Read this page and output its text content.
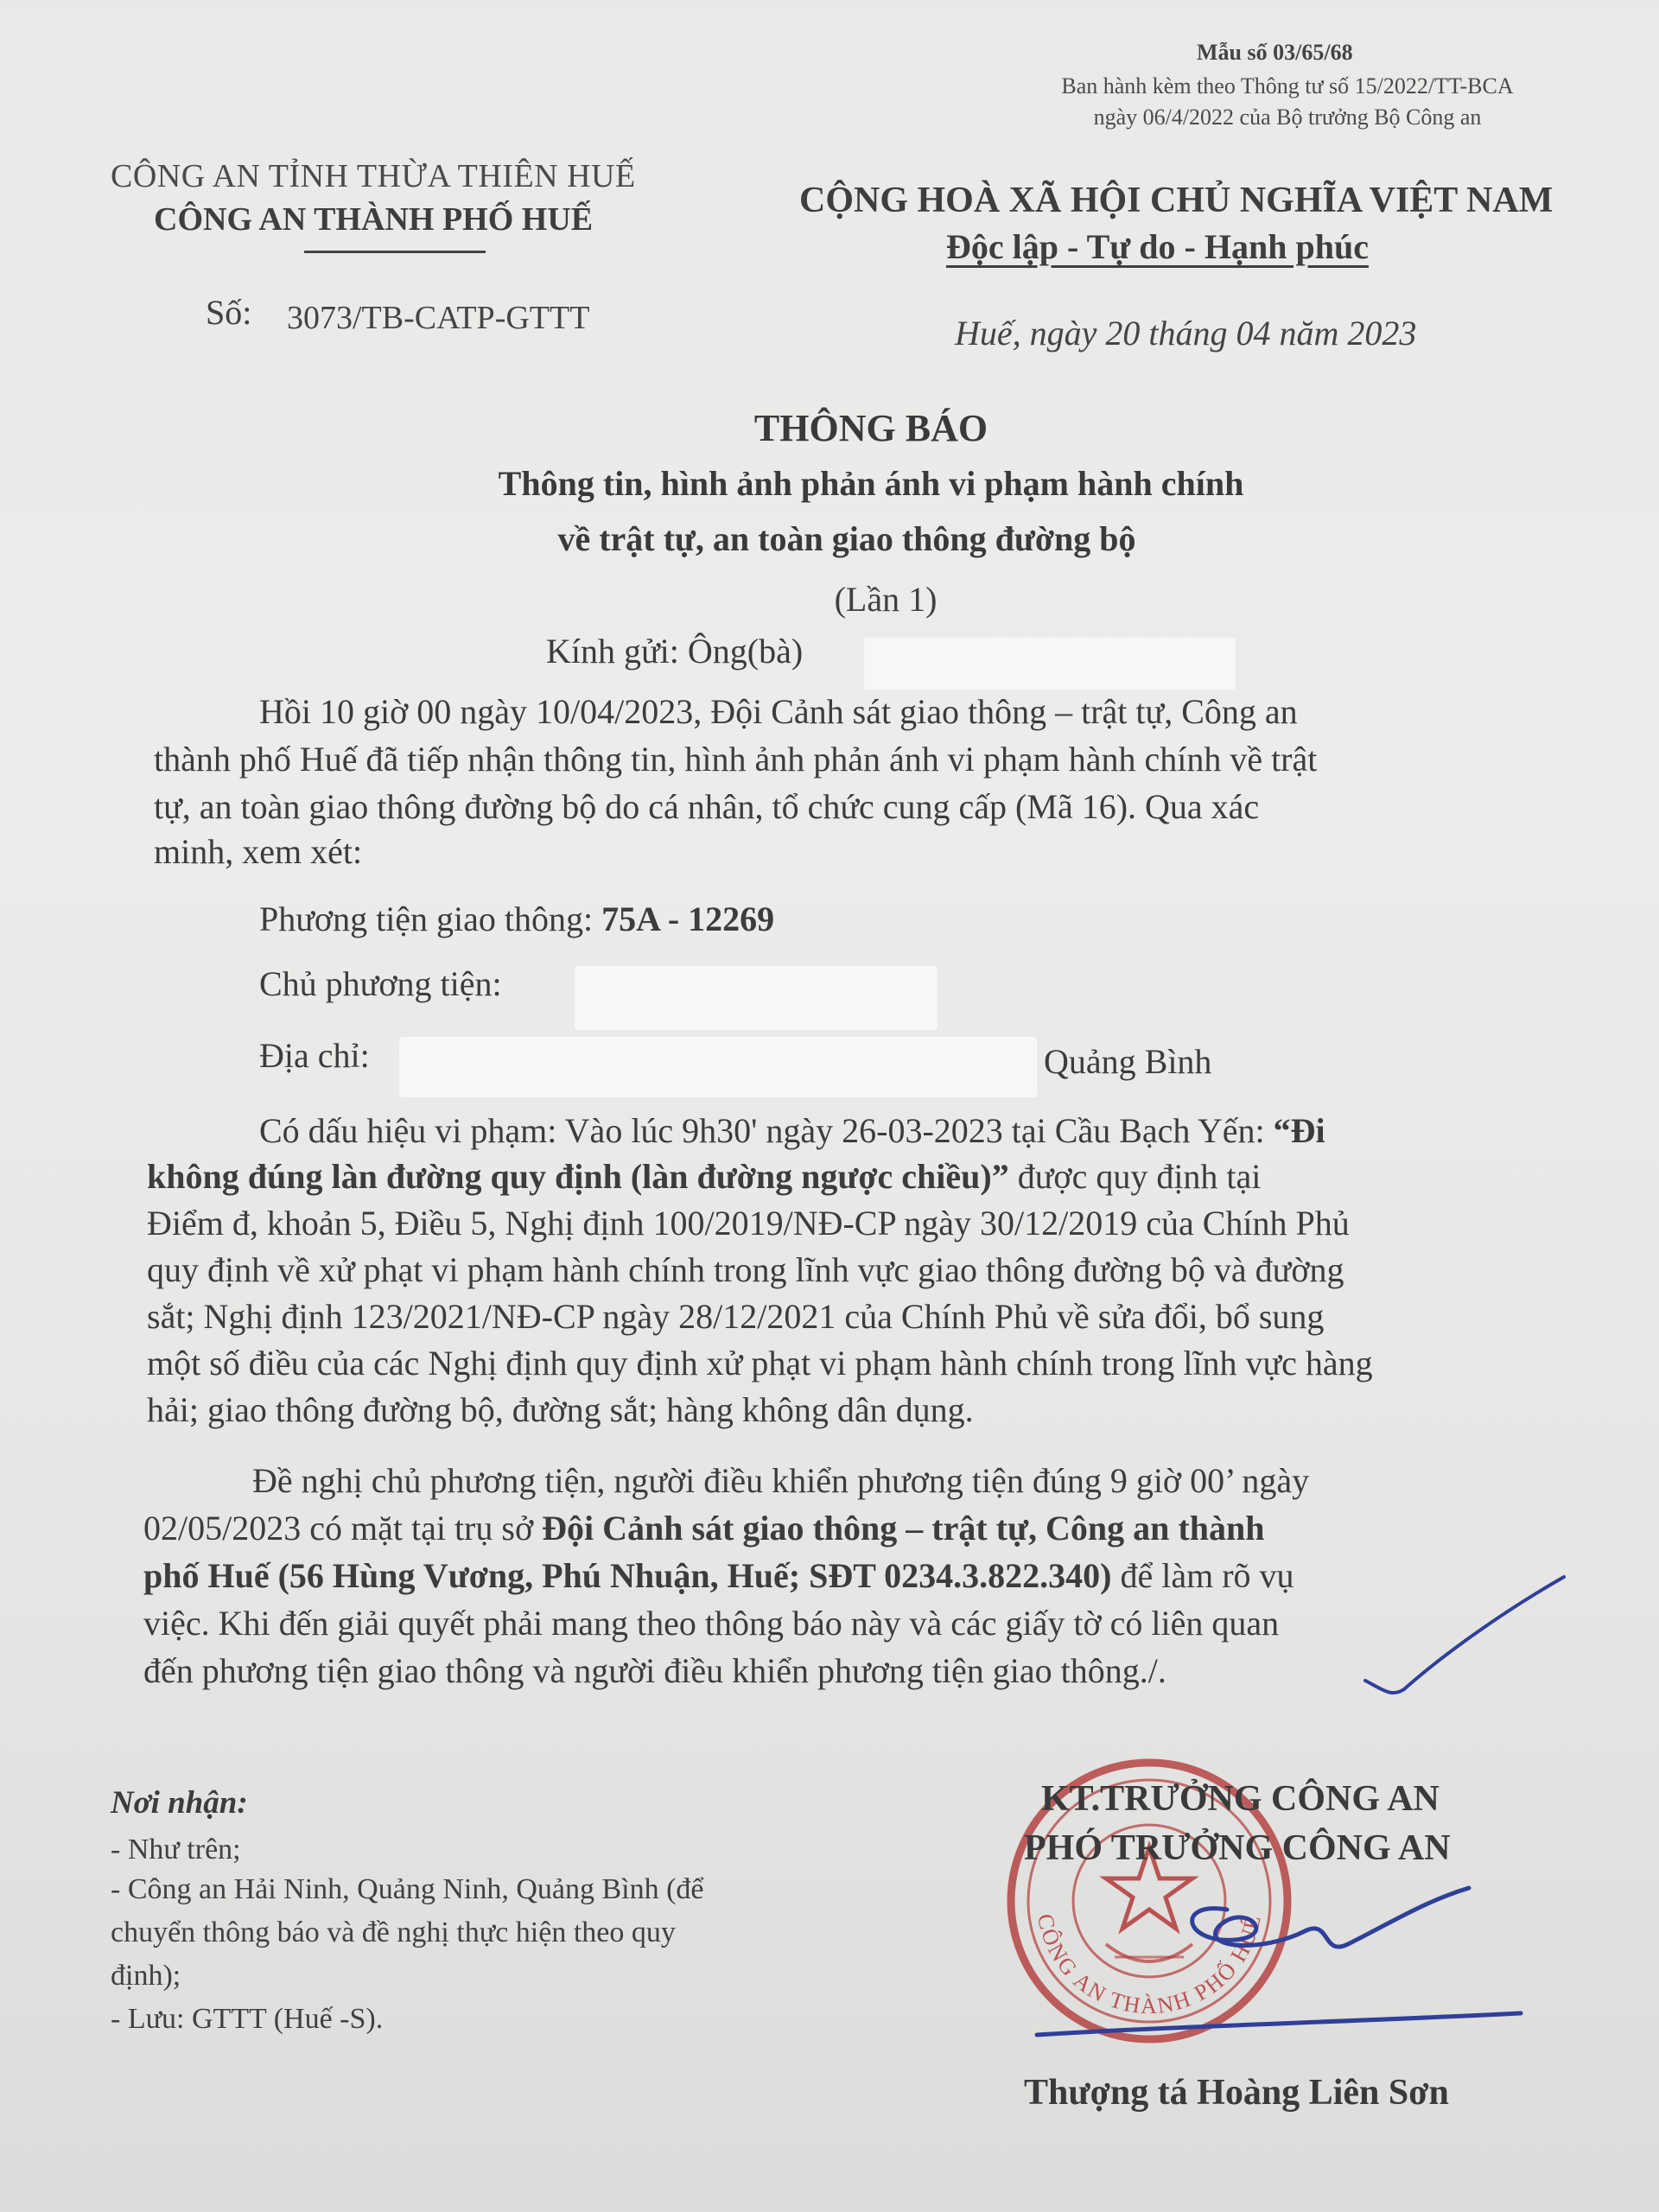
Mẫu số 03/65/68
Ban hành kèm theo Thông tư số 15/2022/TT-BCA
ngày 06/4/2022 của Bộ trưởng Bộ Công an
CÔNG AN TỈNH THỪA THIÊN HUẾ
CÔNG AN THÀNH PHỐ HUẾ	CỘNG HOÀ XÃ HỘI CHỦ NGHĨA VIỆT NAM
Độc lập - Tự do - Hạnh phúc
Số: 3073/TB-CATP-GTTT	Huế, ngày 20 tháng 04 năm 2023
THÔNG BÁO
Thông tin, hình ảnh phản ánh vi phạm hành chính
về trật tự, an toàn giao thông đường bộ
(Lần 1)
Kính gửi: Ông(bà)
Hồi 10 giờ 00 ngày 10/04/2023, Đội Cảnh sát giao thông – trật tự, Công an
thành phố Huế đã tiếp nhận thông tin, hình ảnh phản ánh vi phạm hành chính về trật
tự, an toàn giao thông đường bộ do cá nhân, tổ chức cung cấp (Mã 16). Qua xác
minh, xem xét:
Phương tiện giao thông: 75A - 12269
Chủ phương tiện:
Địa chỉ:	Quảng Bình
Có dấu hiệu vi phạm: Vào lúc 9h30' ngày 26-03-2023 tại Cầu Bạch Yến: “Đi
không đúng làn đường quy định (làn đường ngược chiều)” được quy định tại
Điểm đ, khoản 5, Điều 5, Nghị định 100/2019/NĐ-CP ngày 30/12/2019 của Chính Phủ
quy định về xử phạt vi phạm hành chính trong lĩnh vực giao thông đường bộ và đường
sắt; Nghị định 123/2021/NĐ-CP ngày 28/12/2021 của Chính Phủ về sửa đổi, bổ sung
một số điều của các Nghị định quy định xử phạt vi phạm hành chính trong lĩnh vực hàng
hải; giao thông đường bộ, đường sắt; hàng không dân dụng.
Đề nghị chủ phương tiện, người điều khiển phương tiện đúng 9 giờ 00’ ngày
02/05/2023 có mặt tại trụ sở Đội Cảnh sát giao thông – trật tự, Công an thành
phố Huế (56 Hùng Vương, Phú Nhuận, Huế; SĐT 0234.3.822.340) để làm rõ vụ
việc. Khi đến giải quyết phải mang theo thông báo này và các giấy tờ có liên quan
đến phương tiện giao thông và người điều khiển phương tiện giao thông./.
Nơi nhận:
- Như trên;
- Công an Hải Ninh, Quảng Ninh, Quảng Bình (để
chuyển thông báo và đề nghị thực hiện theo quy
định);
- Lưu: GTTT (Huế -S).
CÔNG AN THÀNH PHỐ HUẾ
KT.TRƯỞNG CÔNG AN
PHÓ TRƯỞNG CÔNG AN
Thượng tá Hoàng Liên Sơn
